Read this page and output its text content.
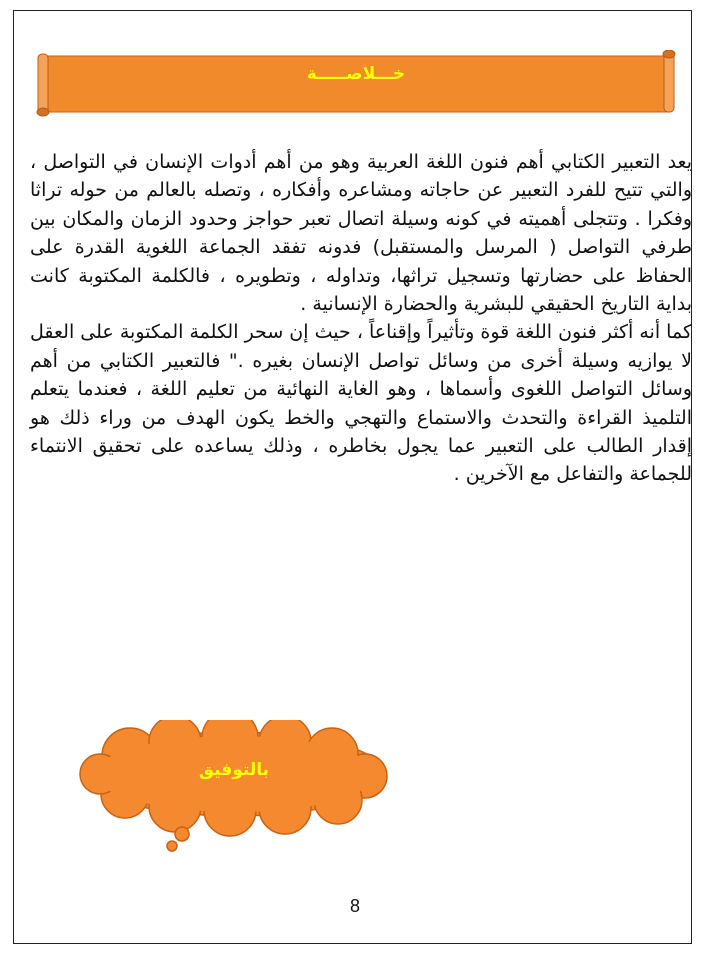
خـــلاصـــــة

يعد التعبير الكتابي أهم فنون اللغة العربية وهو من أهم أدوات الإنسان في التواصل ، والتي تتيح للفرد التعبير عن حاجاته ومشاعره وأفكاره ، وتصله بالعالم من حوله تراثا وفكرا . وتتجلى أهميته في كونه وسيلة اتصال تعبر حواجز وحدود الزمان والمكان بين طرفي التواصل ( المرسل والمستقبل) فدونه تفقد الجماعة اللغوية القدرة على الحفاظ على حضارتها وتسجيل تراثها، وتداوله ، وتطويره ، فالكلمة المكتوبة كانت بداية التاريخ الحقيقي للبشرية والحضارة الإنسانية .

كما أنه أكثر فنون اللغة قوة وتأثيراً وإقناعاً ، حيث إن سحر الكلمة المكتوبة على العقل لا يوازيه وسيلة أخرى من وسائل تواصل الإنسان بغيره ." فالتعبير الكتابي من أهم وسائل التواصل اللغوى وأسماها ، وهو الغاية النهائية من تعليم اللغة ، فعندما يتعلم التلميذ القراءة والتحدث والاستماع والتهجي والخط يكون الهدف من وراء ذلك هو إقدار الطالب على التعبير عما يجول بخاطره ، وذلك يساعده على تحقيق الانتماء للجماعة والتفاعل مع الآخرين .

بالتوفيق
8
